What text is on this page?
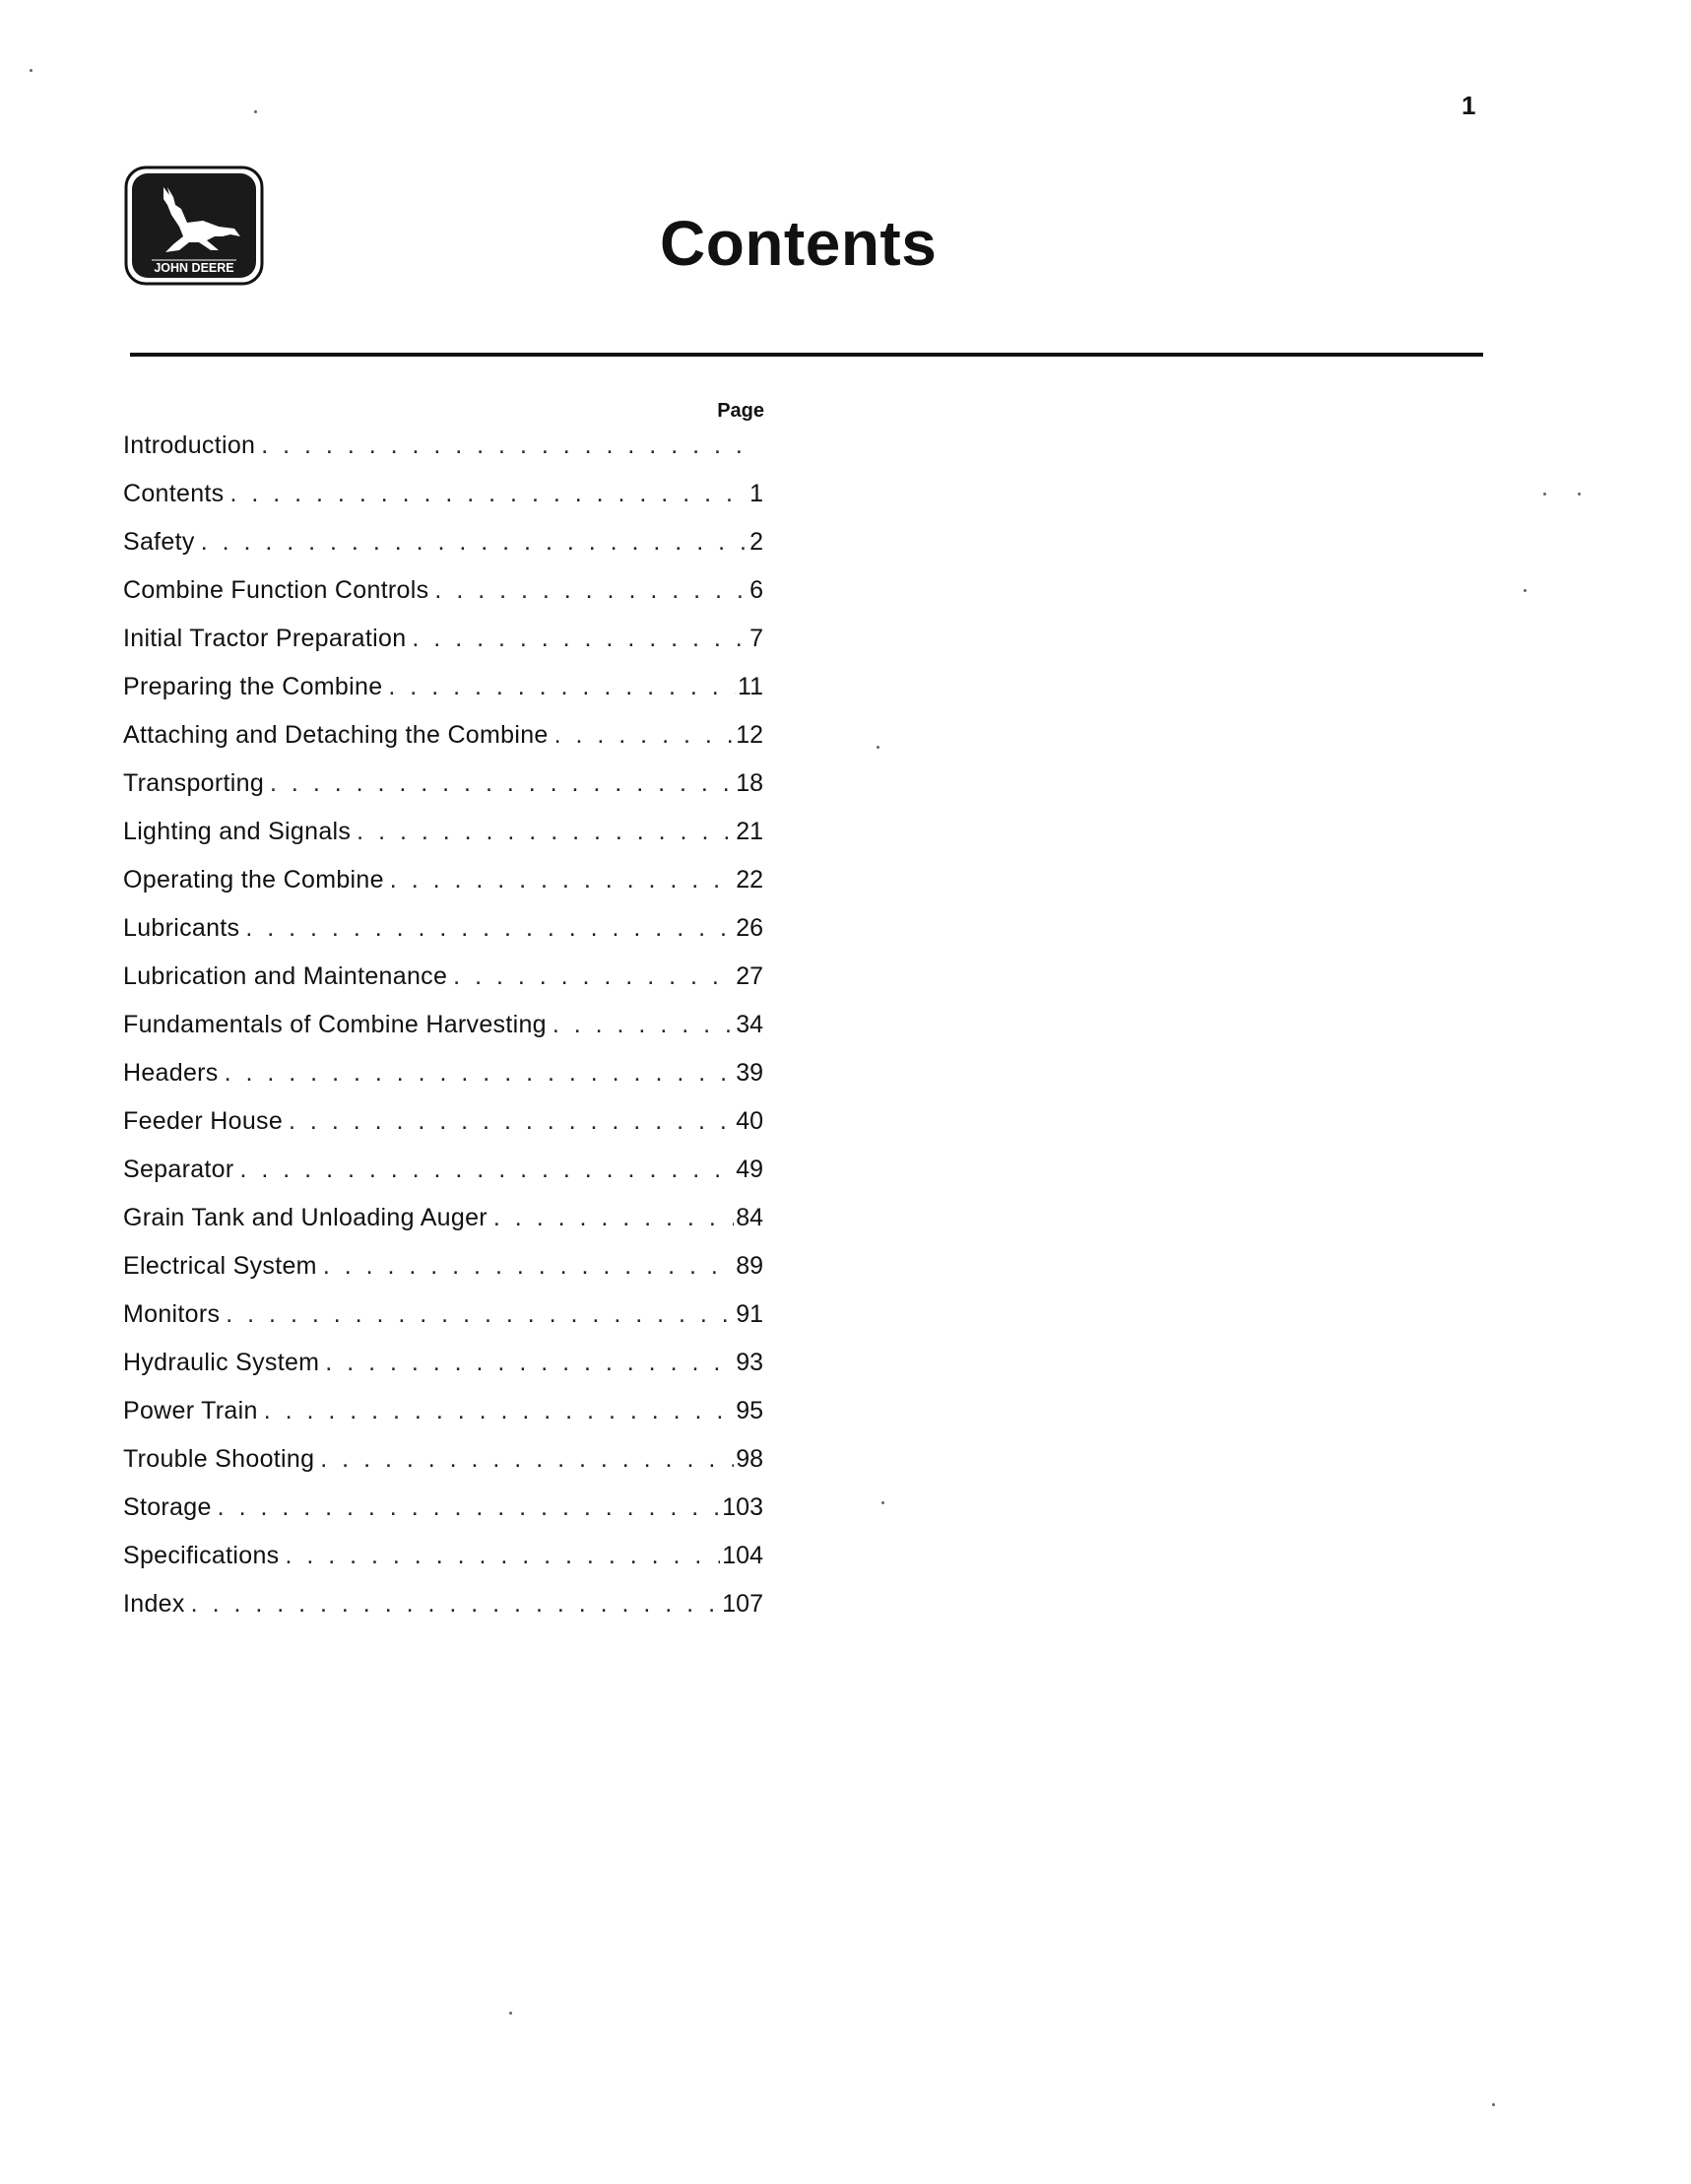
1
JOHN DEERE	Contents
Page
Introduction
. . .
Contents . . .	1
Safety . . .	2
Combine Function Controls . . .	6
Initial Tractor Preparation . . .	7
Preparing the Combine . . .	11
Attaching and Detaching the Combine . . .	12
Transporting . . .	18
Lighting and Signals . . .	21
Operating the Combine . . .	22
Lubricants . . .	26
Lubrication and Maintenance . . .	27
Fundamentals of Combine Harvesting . . .	34
Headers . . .	39
Feeder House . . .	40
Separator . . .	49
Grain Tank and Unloading Auger . . .	84
Electrical System . . .	89
Monitors . . .	91
Hydraulic System . . .	93
Power Train . . .	95
Trouble Shooting . . .	98
Storage . . .	103
Specifications . . .	104
Index . . .	107
